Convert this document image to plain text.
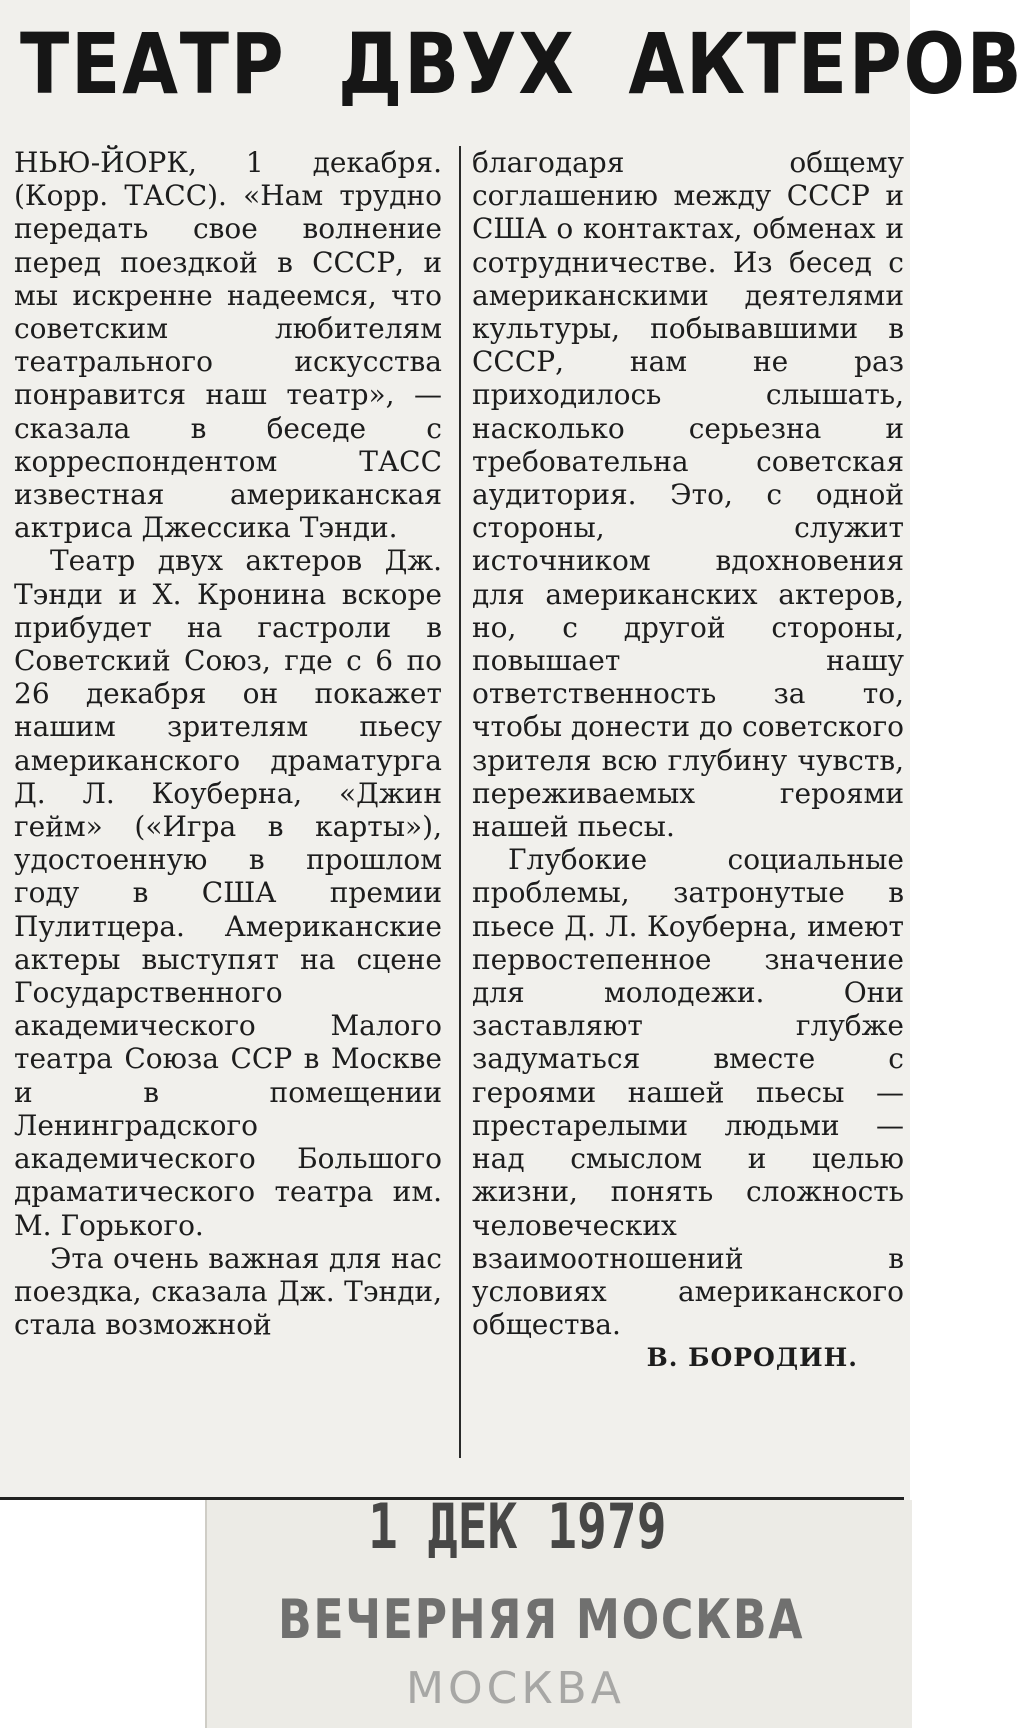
ТЕАТР ДВУХ АКТЕРОВ

НЬЮ-ЙОРК, 1 декабря. (Корр. ТАСС). «Нам трудно передать свое волнение перед поездкой в СССР, и мы искренне надеемся, что советским любителям театрального искусства понравится наш театр», — сказала в беседе с корреспондентом ТАСС известная американская актриса Джессика Тэнди.

Театр двух актеров Дж. Тэнди и Х. Кронина вскоре прибудет на гастроли в Советский Союз, где с 6 по 26 декабря он покажет нашим зрителям пьесу американского драматурга Д. Л. Коуберна, «Джин гейм» («Игра в карты»), удостоенную в прошлом году в США премии Пулитцера. Американские актеры выступят на сцене Государственного академического Малого театра Союза ССР в Москве и в помещении Ленинградского академического Большого драматического театра им. М. Горького.

Эта очень важная для нас поездка, сказала Дж. Тэнди, стала возможной

благодаря общему соглашению между СССР и США о контактах, обменах и сотрудничестве. Из бесед с американскими деятелями культуры, побывавшими в СССР, нам не раз приходилось слышать, насколько серьезна и требовательна советская аудитория. Это, с одной стороны, служит источником вдохновения для американских актеров, но, с другой стороны, повышает нашу ответственность за то, чтобы донести до советского зрителя всю глубину чувств, переживаемых героями нашей пьесы.

Глубокие социальные проблемы, затронутые в пьесе Д. Л. Коуберна, имеют первостепенное значение для молодежи. Они заставляют глубже задуматься вместе с героями нашей пьесы — престарелыми людьми — над смыслом и целью жизни, понять сложность человеческих взаимоотношений в условиях американского общества.

В. БОРОДИН.

1 ДЕК 1979
ВЕЧЕРНЯЯ МОСКВА
МОСКВА
